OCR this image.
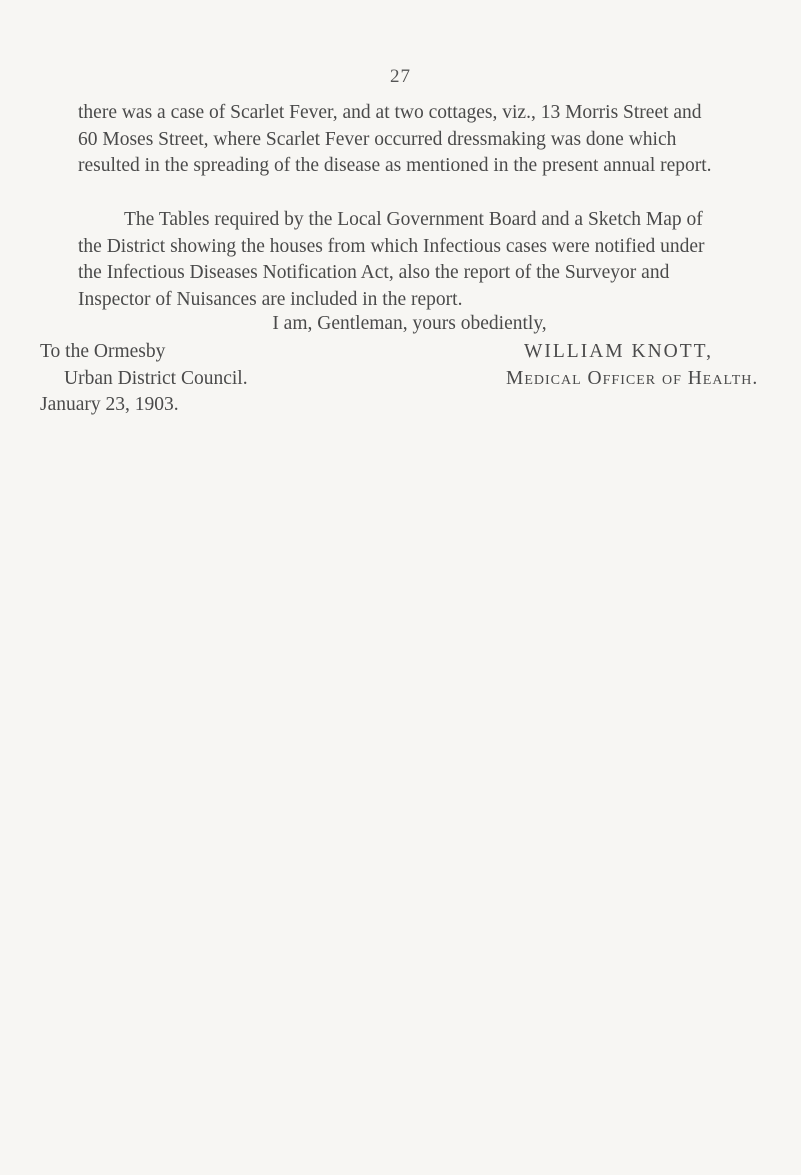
27

there was a case of Scarlet Fever, and at two cottages, viz., 13 Morris Street and
60 Moses Street, where Scarlet Fever occurred dressmaking was done which
resulted in the spreading of the disease as mentioned in the present annual report.

The Tables required by the Local Government Board and a Sketch Map of
the District showing the houses from which Infectious cases were notified under
the Infectious Diseases Notification Act, also the report of the Surveyor and
Inspector of Nuisances are included in the report.

I am, Gentleman, yours obediently,
To the Ormesby
Urban District Council.
January 23, 1903.
WILLIAM KNOTT,
Medical Officer of Health.
